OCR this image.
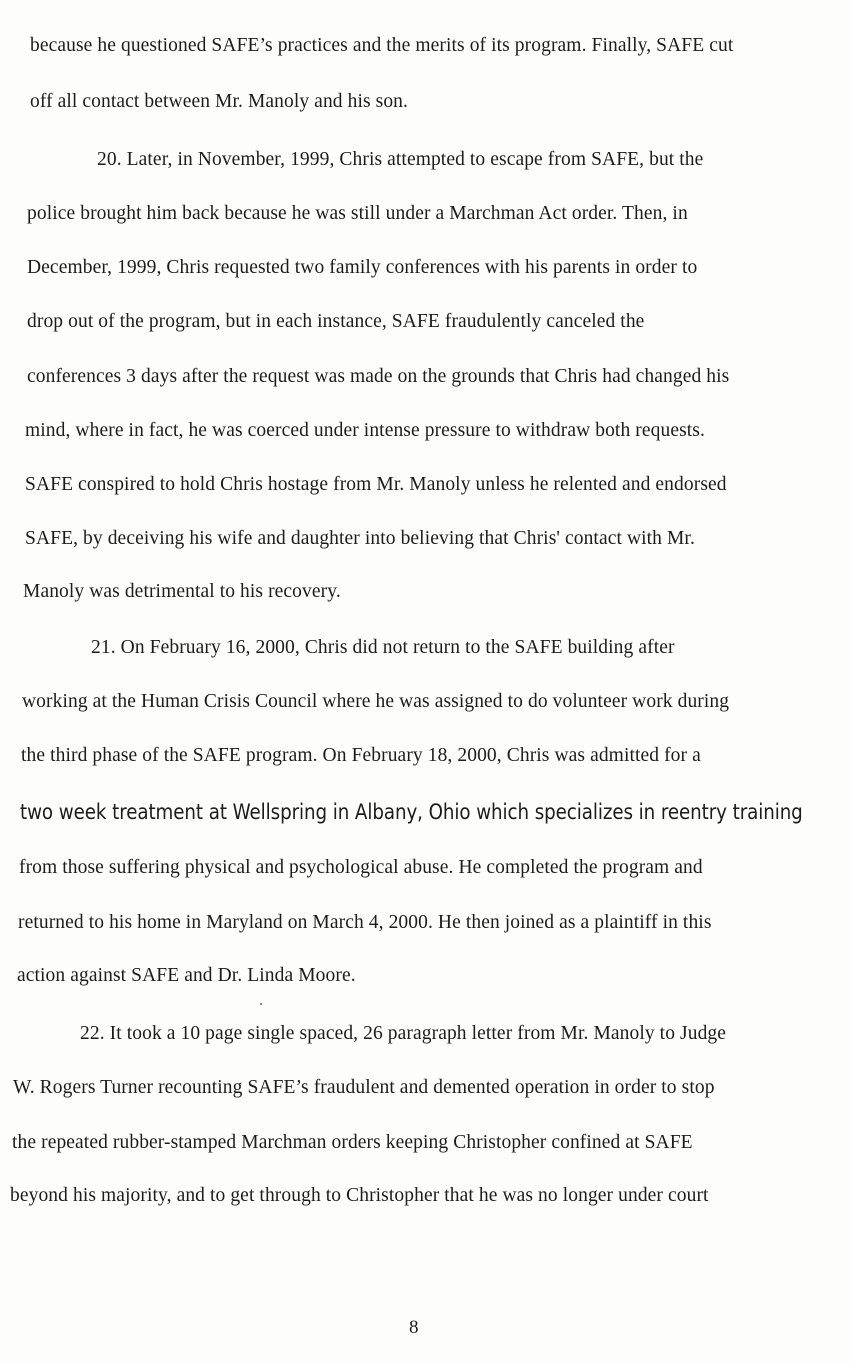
because he questioned SAFE’s practices and the merits of its program. Finally, SAFE cut
off all contact between Mr. Manoly and his son.
20. Later, in November, 1999, Chris attempted to escape from SAFE, but the
police brought him back because he was still under a Marchman Act order. Then, in
December, 1999, Chris requested two family conferences with his parents in order to
drop out of the program, but in each instance, SAFE fraudulently canceled the
conferences 3 days after the request was made on the grounds that Chris had changed his
mind, where in fact, he was coerced under intense pressure to withdraw both requests.
SAFE conspired to hold Chris hostage from Mr. Manoly unless he relented and endorsed
SAFE, by deceiving his wife and daughter into believing that Chris' contact with Mr.
Manoly was detrimental to his recovery.
21. On February 16, 2000, Chris did not return to the SAFE building after
working at the Human Crisis Council where he was assigned to do volunteer work during
the third phase of the SAFE program. On February 18, 2000, Chris was admitted for a
two week treatment at Wellspring in Albany, Ohio which specializes in reentry training
from those suffering physical and psychological abuse. He completed the program and
returned to his home in Maryland on March 4, 2000. He then joined as a plaintiff in this
action against SAFE and Dr. Linda Moore.
22. It took a 10 page single spaced, 26 paragraph letter from Mr. Manoly to Judge
W. Rogers Turner recounting SAFE’s fraudulent and demented operation in order to stop
the repeated rubber-stamped Marchman orders keeping Christopher confined at SAFE
beyond his majority, and to get through to Christopher that he was no longer under court
8
